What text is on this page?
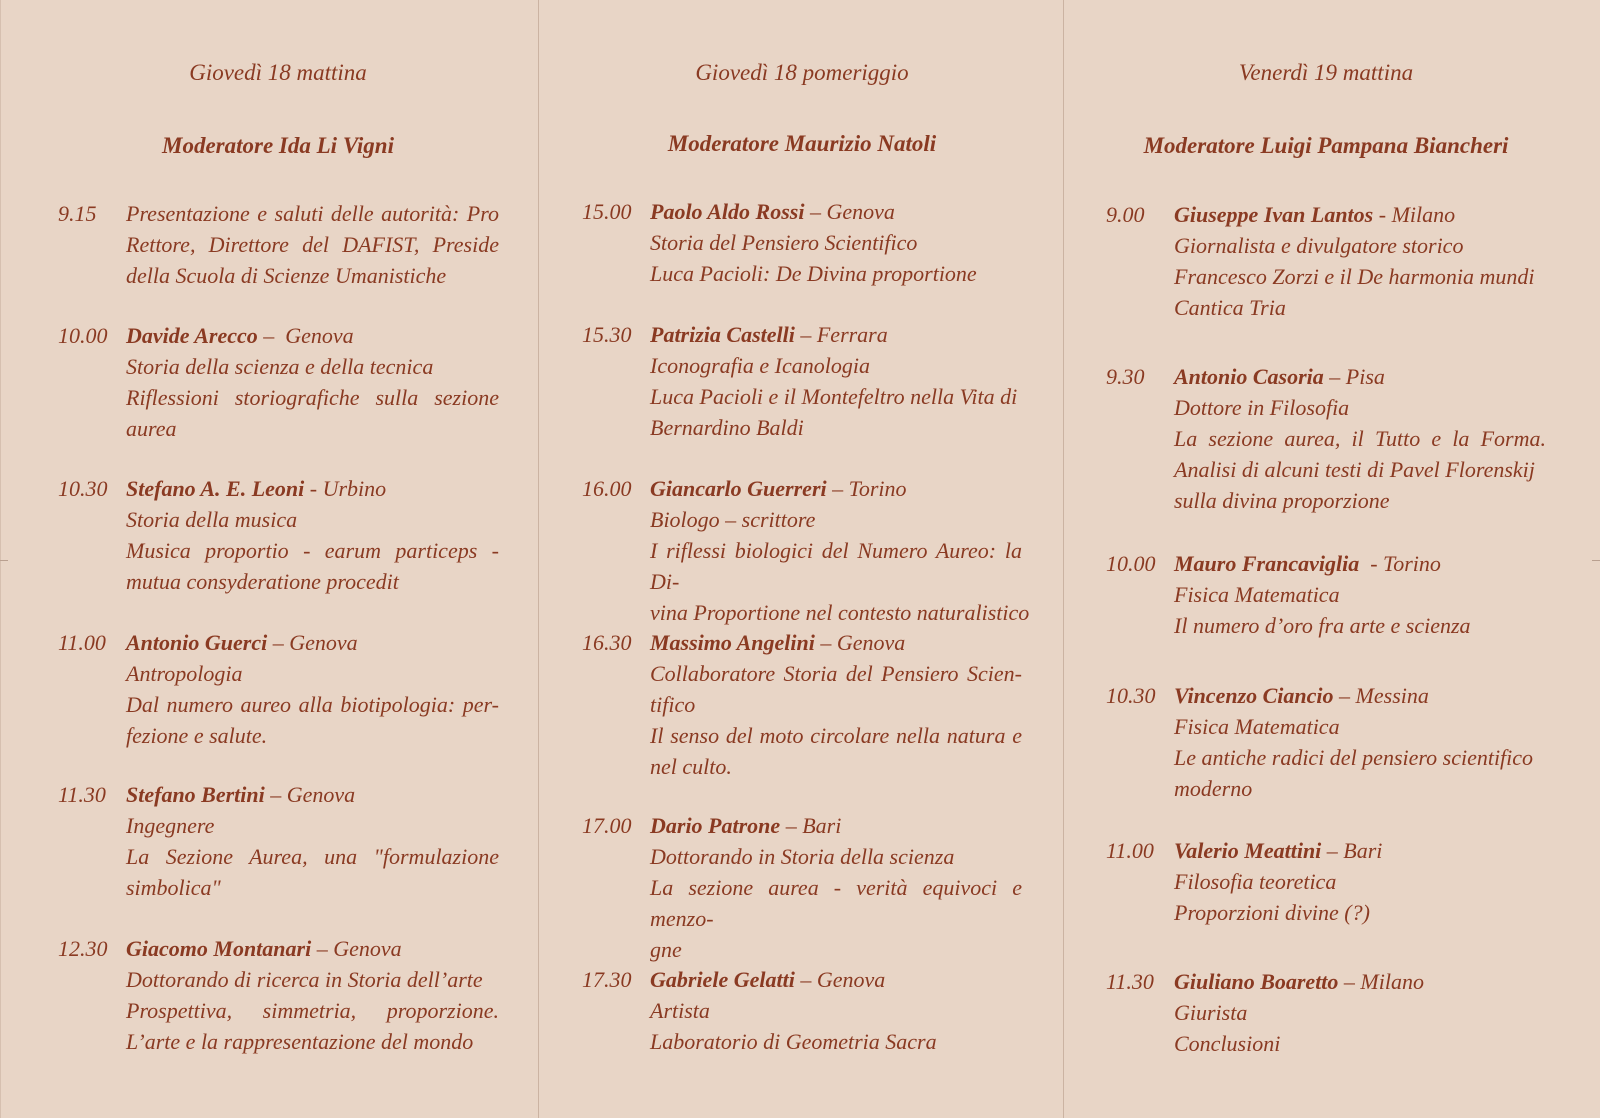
Giovedì 18 mattina
Moderatore Ida Li Vigni
9.15 Presentazione e saluti delle autorità: Pro
Rettore, Direttore del DAFIST, Preside
della Scuola di Scienze Umanistiche
10.00 Davide Arecco –  Genova
Storia della scienza e della tecnica
Riflessioni storiografiche sulla sezione
aurea
10.30 Stefano A. E. Leoni - Urbino
Storia della musica
Musica proportio - earum particeps -
mutua consyderatione procedit
11.00 Antonio Guerci – Genova
Antropologia
Dal numero aureo alla biotipologia: per-
fezione e salute.
11.30 Stefano Bertini – Genova
Ingegnere
La Sezione Aurea, una "formulazione
simbolica"
12.30 Giacomo Montanari – Genova
Dottorando di ricerca in Storia dell’arte
Prospettiva, simmetria, proporzione.
L’arte e la rappresentazione del mondo
Giovedì 18 pomeriggio
Moderatore Maurizio Natoli
15.00 Paolo Aldo Rossi – Genova
Storia del Pensiero Scientifico
Luca Pacioli: De Divina proportione
15.30 Patrizia Castelli – Ferrara
Iconografia e Icanologia
Luca Pacioli e il Montefeltro nella Vita di
Bernardino Baldi
16.00 Giancarlo Guerreri – Torino
Biologo – scrittore
I riflessi biologici del Numero Aureo: la Di-
vina Proportione nel contesto naturalistico
16.30 Massimo Angelini – Genova
Collaboratore Storia del Pensiero Scien-
tifico
Il senso del moto circolare nella natura e
nel culto.
17.00 Dario Patrone – Bari
Dottorando in Storia della scienza
La sezione aurea - verità equivoci e menzo-
gne
17.30 Gabriele Gelatti – Genova
Artista
Laboratorio di Geometria Sacra
Venerdì 19 mattina
Moderatore Luigi Pampana Biancheri
9.00 Giuseppe Ivan Lantos - Milano
Giornalista e divulgatore storico
Francesco Zorzi e il De harmonia mundi
Cantica Tria
9.30 Antonio Casoria – Pisa
Dottore in Filosofia
La sezione aurea, il Tutto e la Forma.
Analisi di alcuni testi di Pavel Florenskij
sulla divina proporzione
10.00 Mauro Francaviglia  - Torino
Fisica Matematica
Il numero d’oro fra arte e scienza
10.30 Vincenzo Ciancio – Messina
Fisica Matematica
Le antiche radici del pensiero scientifico
moderno
11.00 Valerio Meattini – Bari
Filosofia teoretica
Proporzioni divine (?)
11.30 Giuliano Boaretto – Milano
Giurista
Conclusioni
